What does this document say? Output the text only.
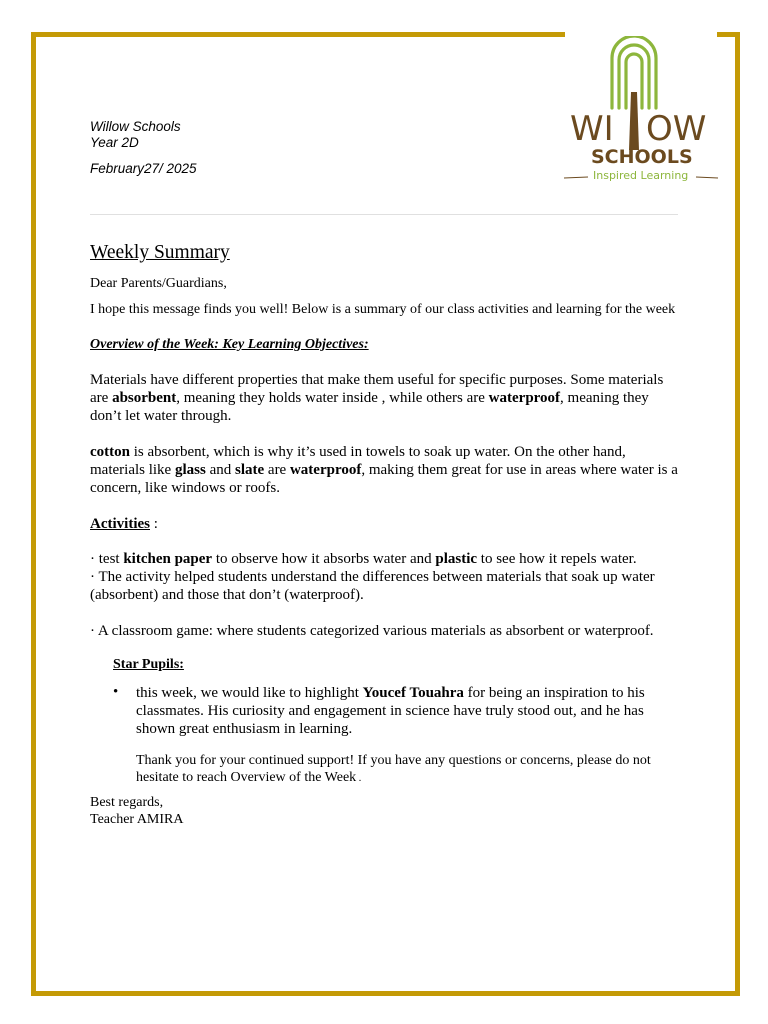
WI OW
SCHOOLS
Inspired Learning
Willow Schools
Year 2D
February27/ 2025
Weekly Summary
Dear Parents/Guardians,
I hope this message finds you well! Below is a summary of our class activities and learning for the week
Overview of the Week: Key Learning Objectives:
Materials have different properties that make them useful for specific purposes. Some materials are absorbent, meaning they holds water inside , while others are waterproof, meaning they don’t let water through.
cotton is absorbent, which is why it’s used in towels to soak up water. On the other hand, materials like glass and slate are waterproof, making them great for use in areas where water is a concern, like windows or roofs.
Activities :
· test kitchen paper to observe how it absorbs water and plastic to see how it repels water.
· The activity helped students understand the differences between materials that soak up water (absorbent) and those that don’t (waterproof).
· A classroom game: where students categorized various materials as absorbent or waterproof.
Star Pupils:
• this week, we would like to highlight Youcef Touahra for being an inspiration to his classmates. His curiosity and engagement in science have truly stood out, and he has shown great enthusiasm in learning.
Thank you for your continued support! If you have any questions or concerns, please do not hesitate to reach Overview of the Week .
Best regards,
Teacher AMIRA
